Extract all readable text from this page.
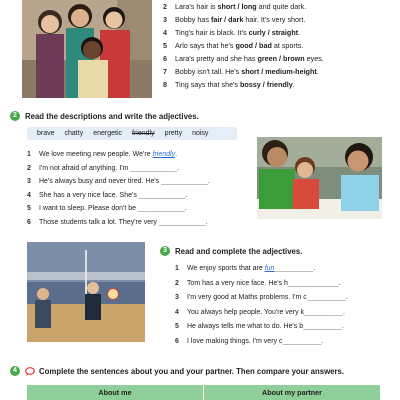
2	Lara's hair is short / long and quite dark.
3	Bobby has fair / dark hair. It's very short.
4	Ting's hair is black. It's curly / straight.
5	Arlo says that he's good / bad at sports.
6	Lara's pretty and she has green / brown eyes.
7	Bobby isn't tall. He's short / medium-height.
8	Ting says that she's bossy / friendly.
2	Read the descriptions and write the adjectives.
brave chatty energetic friendly pretty noisy
1	We love meeting new people. We're friendly.
2	I'm not afraid of anything. I'm ____________.
3	He's always busy and never tired. He's ____________.
4	She has a very nice face. She's ____________.
5	I want to sleep. Please don't be ____________.
6	Those students talk a lot. They're very ____________.
3	Read and complete the adjectives.
1	We enjoy sports that are fun__________.
2	Tom has a very nice face. He's h_____________.
3	I'm very good at Maths problems. I'm c__________.
4	You always help people. You're very k__________.
5	He always tells me what to do. He's b__________.
6	I love making things. I'm very c__________.
4	Complete the sentences about you and your partner. Then compare your answers.
About me	About my partner
